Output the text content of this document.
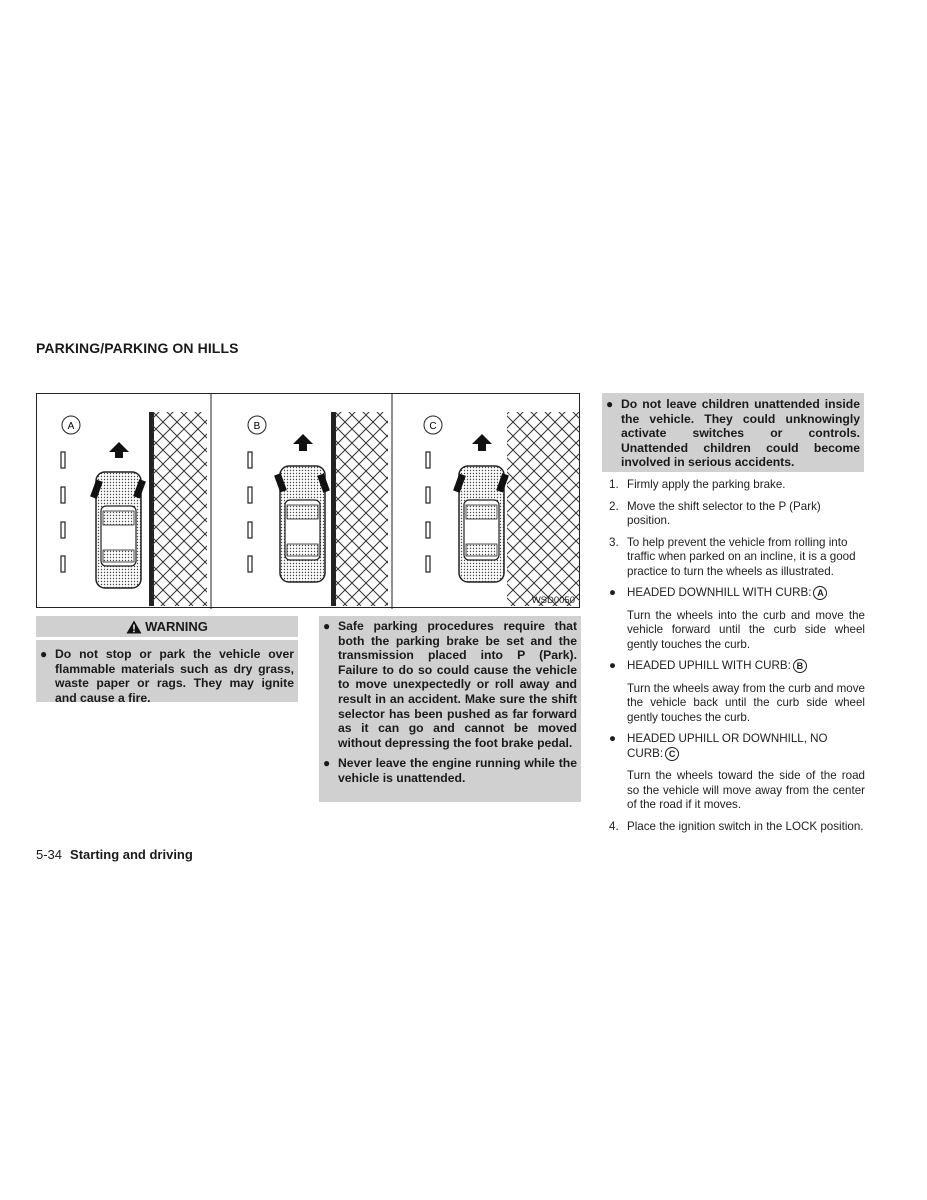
PARKING/PARKING ON HILLS
A	B	C
WSD0050
WARNING
● Do not stop or park the vehicle over flammable materials such as dry grass, waste paper or rags. They may ignite and cause a fire.
● Safe parking procedures require that both the parking brake be set and the transmission placed into P (Park). Failure to do so could cause the vehicle to move unexpectedly or roll away and result in an accident. Make sure the shift selector has been pushed as far forward as it can go and cannot be moved without depressing the foot brake pedal.
● Never leave the engine running while the vehicle is unattended.
● Do not leave children unattended inside the vehicle. They could unknowingly activate switches or controls. Unattended children could become involved in serious accidents.
1. Firmly apply the parking brake.
2. Move the shift selector to the P (Park) position.
3. To help prevent the vehicle from rolling into traffic when parked on an incline, it is a good practice to turn the wheels as illustrated.
● HEADED DOWNHILL WITH CURB: A
Turn the wheels into the curb and move the vehicle forward until the curb side wheel gently touches the curb.
● HEADED UPHILL WITH CURB: B
Turn the wheels away from the curb and move the vehicle back until the curb side wheel gently touches the curb.
● HEADED UPHILL OR DOWNHILL, NO CURB: C
Turn the wheels toward the side of the road so the vehicle will move away from the center of the road if it moves.
4. Place the ignition switch in the LOCK position.
5-34 Starting and driving
